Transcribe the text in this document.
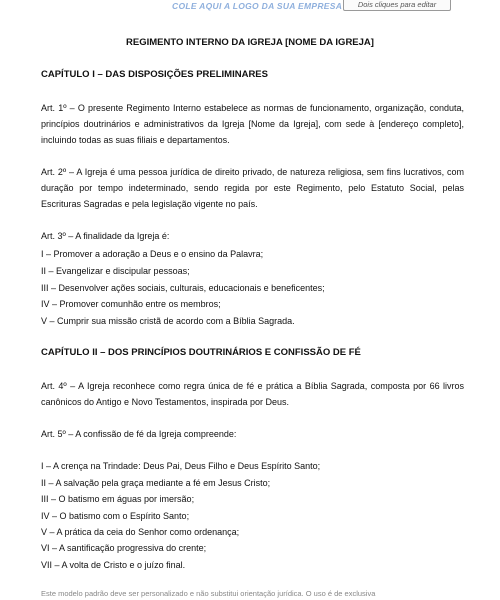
COLE AQUI A LOGO DA SUA EMPRESA	Dois cliques para editar
REGIMENTO INTERNO DA IGREJA [NOME DA IGREJA]
CAPÍTULO I – DAS DISPOSIÇÕES PRELIMINARES
Art. 1º – O presente Regimento Interno estabelece as normas de funcionamento, organização, conduta, princípios doutrinários e administrativos da Igreja [Nome da Igreja], com sede à [endereço completo], incluindo todas as suas filiais e departamentos.
Art. 2º – A Igreja é uma pessoa jurídica de direito privado, de natureza religiosa, sem fins lucrativos, com duração por tempo indeterminado, sendo regida por este Regimento, pelo Estatuto Social, pelas Escrituras Sagradas e pela legislação vigente no país.
Art. 3º – A finalidade da Igreja é:
I – Promover a adoração a Deus e o ensino da Palavra;
II – Evangelizar e discipular pessoas;
III – Desenvolver ações sociais, culturais, educacionais e beneficentes;
IV – Promover comunhão entre os membros;
V – Cumprir sua missão cristã de acordo com a Bíblia Sagrada.
CAPÍTULO II – DOS PRINCÍPIOS DOUTRINÁRIOS E CONFISSÃO DE FÉ
Art. 4º – A Igreja reconhece como regra única de fé e prática a Bíblia Sagrada, composta por 66 livros canônicos do Antigo e Novo Testamentos, inspirada por Deus.
Art. 5º – A confissão de fé da Igreja compreende:
I – A crença na Trindade: Deus Pai, Deus Filho e Deus Espírito Santo;
II – A salvação pela graça mediante a fé em Jesus Cristo;
III – O batismo em águas por imersão;
IV – O batismo com o Espírito Santo;
V – A prática da ceia do Senhor como ordenança;
VI – A santificação progressiva do crente;
VII – A volta de Cristo e o juízo final.
Este modelo padrão deve ser personalizado e não substitui orientação jurídica. O uso é de exclusiva
